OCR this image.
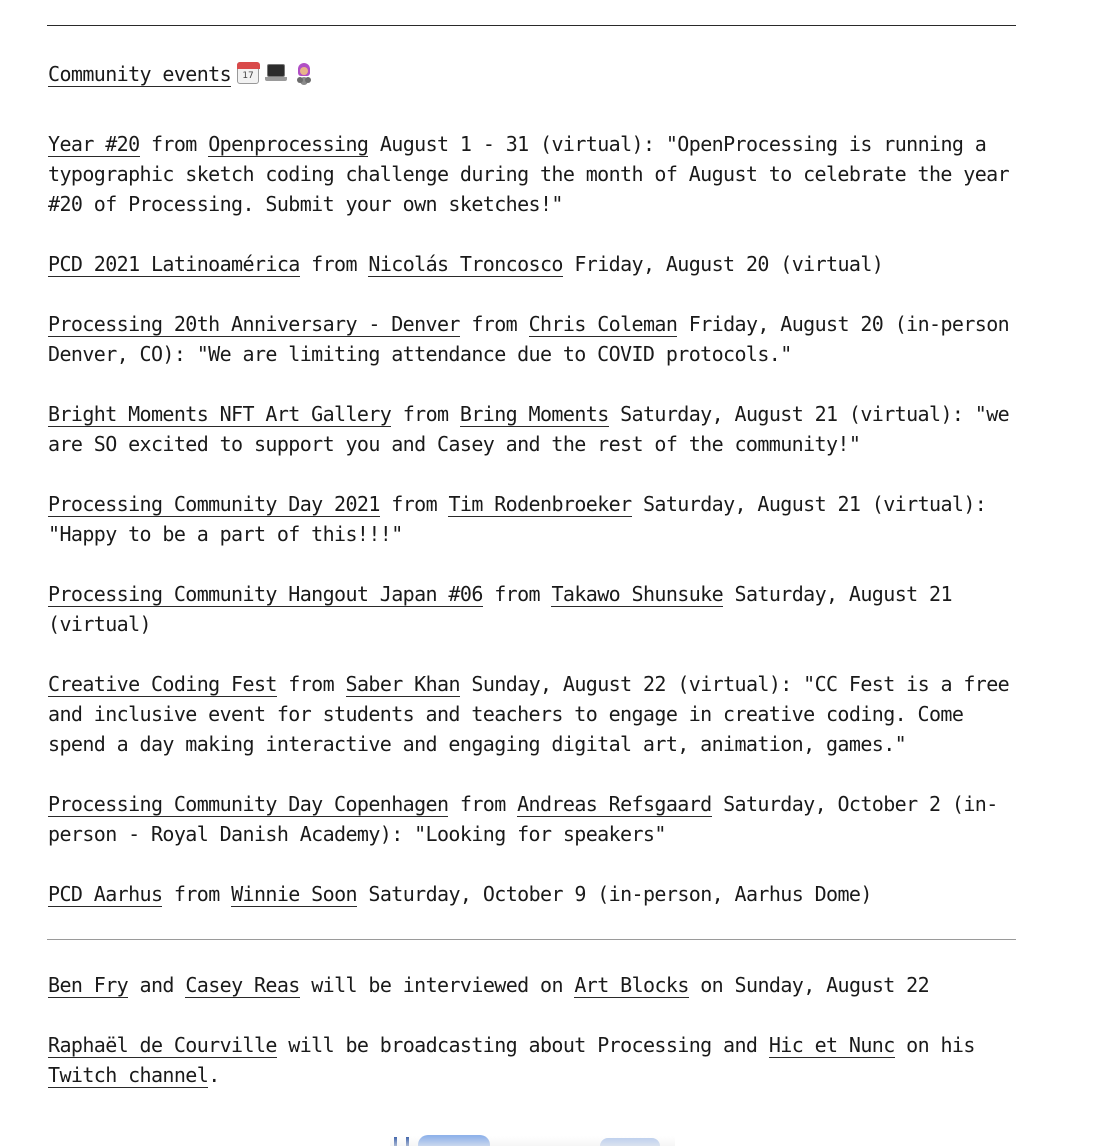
Community events17

Year #20 from Openprocessing August 1 - 31 (virtual): "OpenProcessing is running a typographic sketch coding challenge during the month of August to celebrate the year #20 of Processing. Submit your own sketches!"

PCD 2021 Latinoamérica from Nicolás Troncosco Friday, August 20 (virtual)

Processing 20th Anniversary - Denver from Chris Coleman Friday, August 20 (in-person Denver, CO): "We are limiting attendance due to COVID protocols."

Bright Moments NFT Art Gallery from Bring Moments Saturday, August 21 (virtual): "we are SO excited to support you and Casey and the rest of the community!"

Processing Community Day 2021 from Tim Rodenbroeker Saturday, August 21 (virtual): "Happy to be a part of this!!!"

Processing Community Hangout Japan #06 from Takawo Shunsuke Saturday, August 21 (virtual)

Creative Coding Fest from Saber Khan Sunday, August 22 (virtual): "CC Fest is a free and inclusive event for students and teachers to engage in creative coding. Come spend a day making interactive and engaging digital art, animation, games."

Processing Community Day Copenhagen from Andreas Refsgaard Saturday, October 2 (in-person - Royal Danish Academy): "Looking for speakers"

PCD Aarhus from Winnie Soon Saturday, October 9 (in-person, Aarhus Dome)

Ben Fry and Casey Reas will be interviewed on Art Blocks on Sunday, August 22

Raphaël de Courville will be broadcasting about Processing and Hic et Nunc on his Twitch channel.
